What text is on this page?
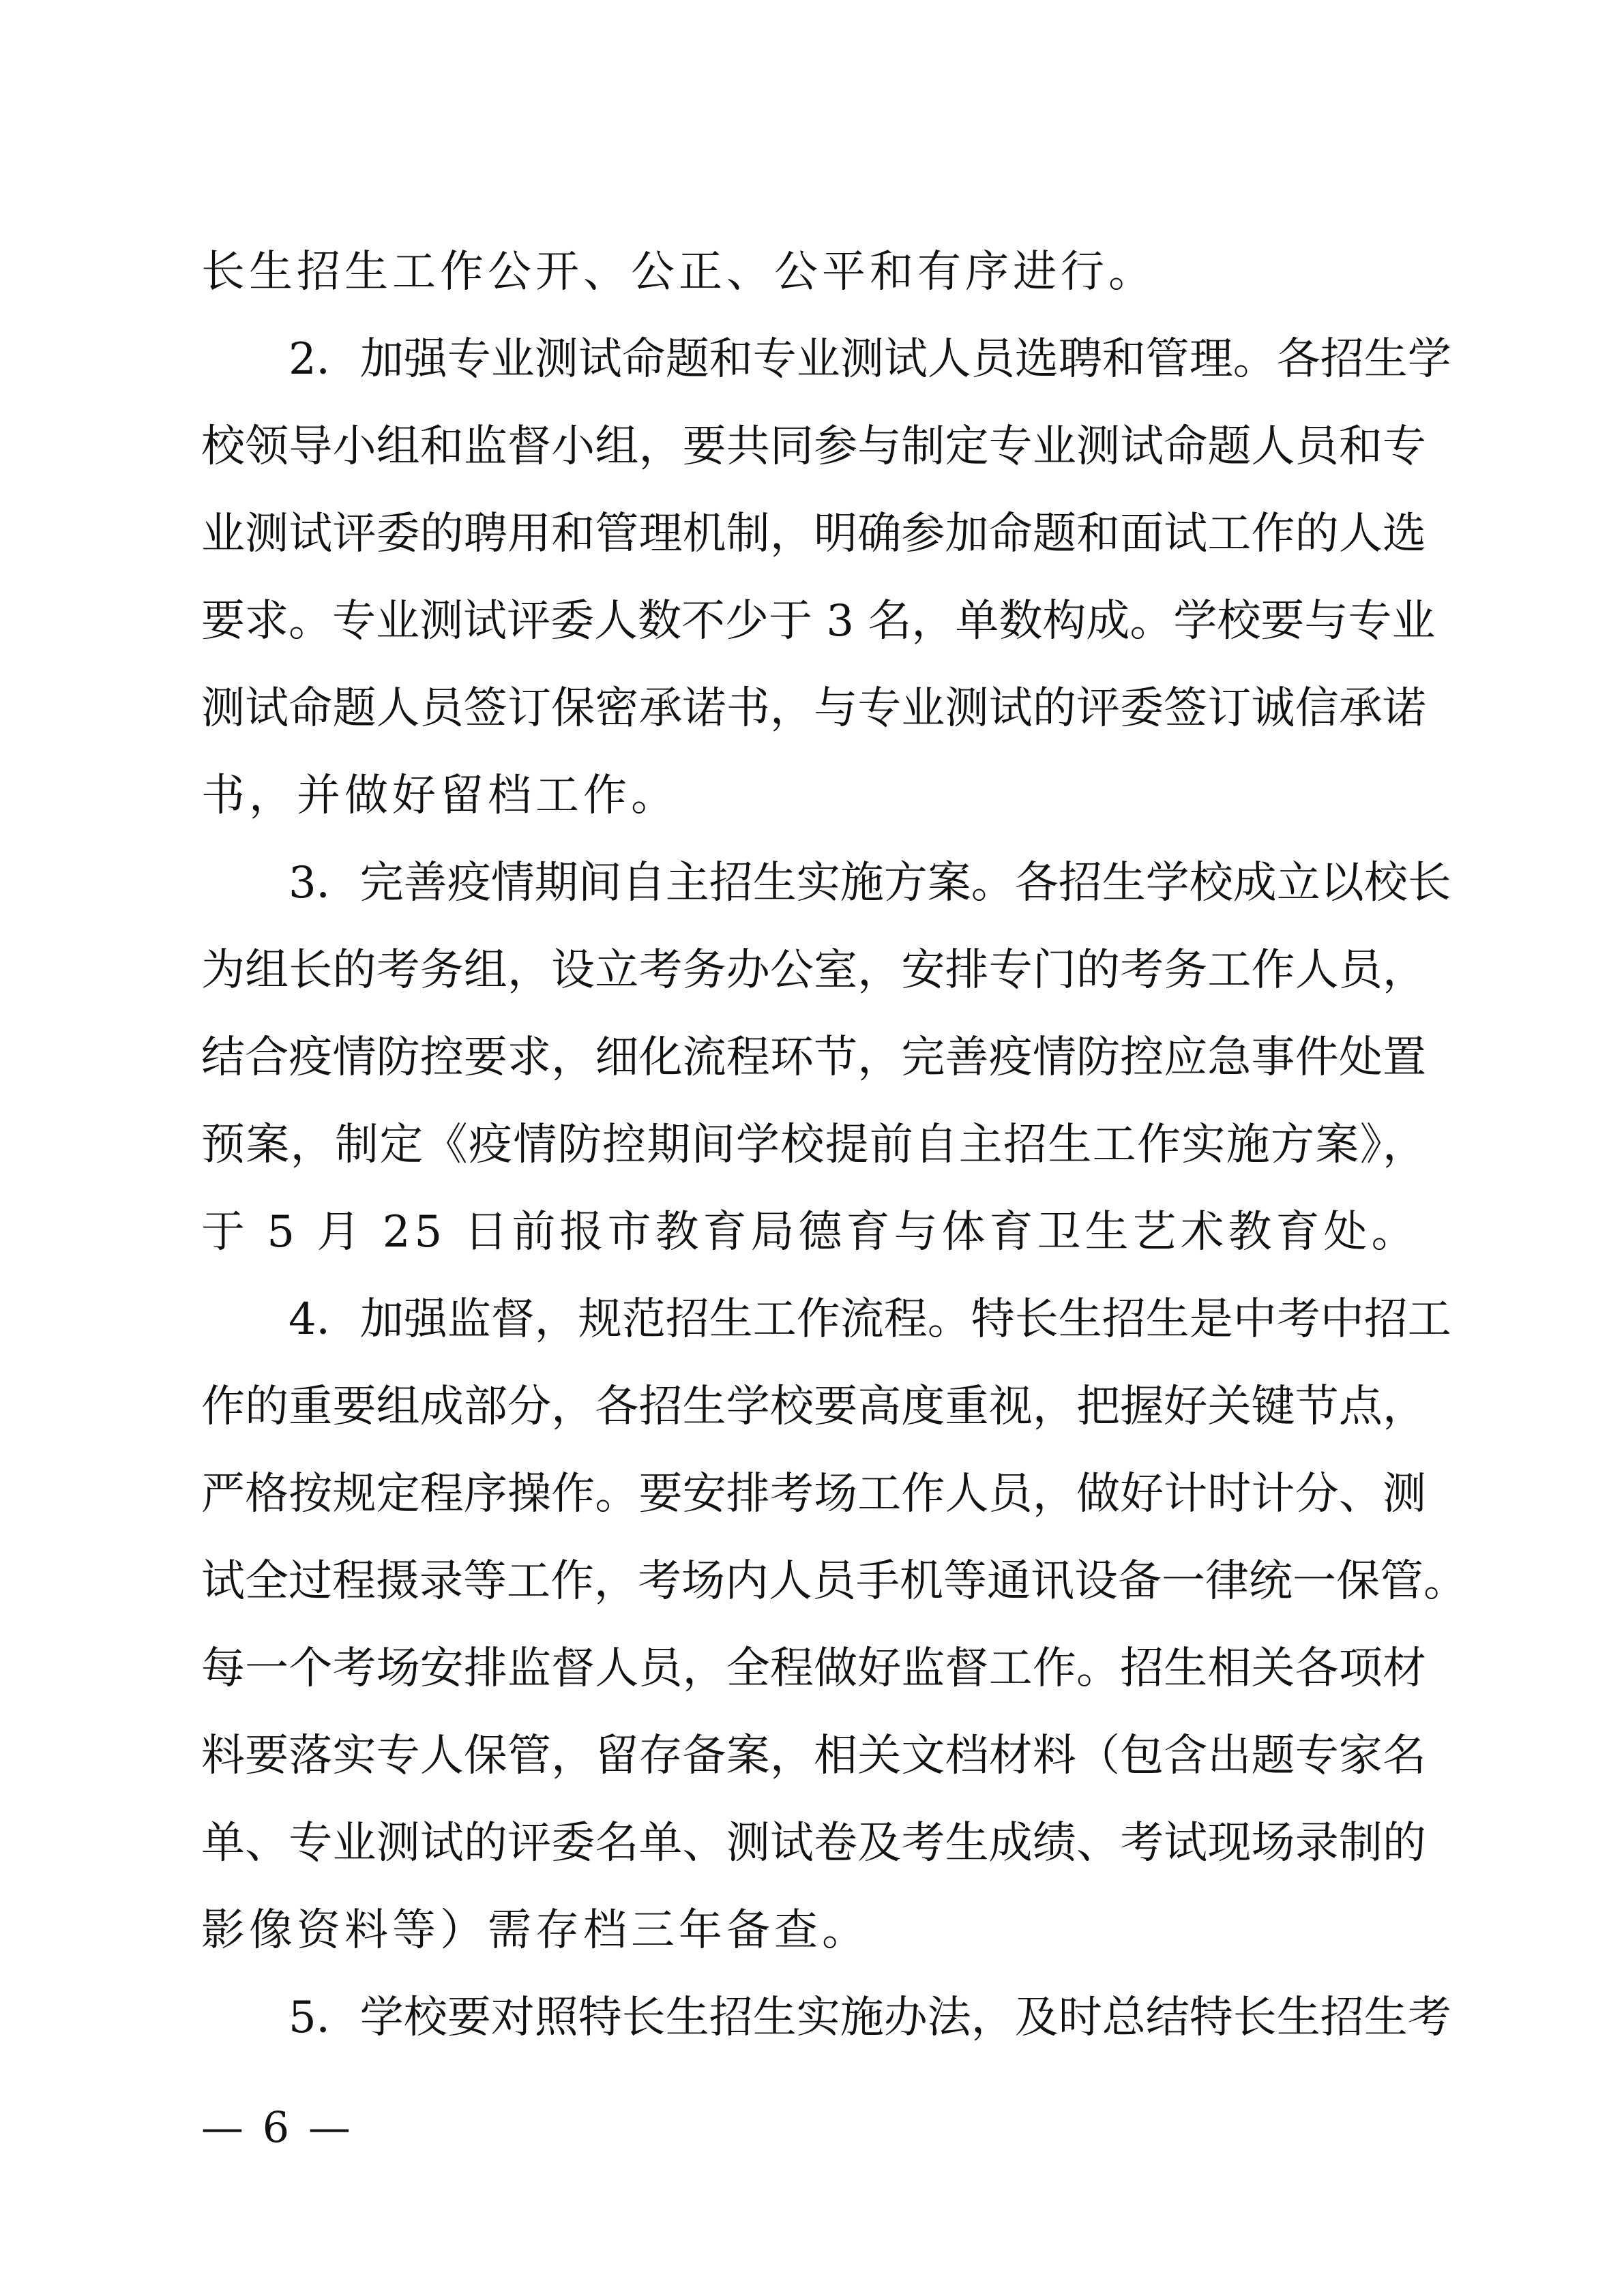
长生招生工作公开、公正、公平和有序进行。
2．加强专业测试命题和专业测试人员选聘和管理。各招生学
校领导小组和监督小组，要共同参与制定专业测试命题人员和专
业测试评委的聘用和管理机制，明确参加命题和面试工作的人选
要求。专业测试评委人数不少于 3 名，单数构成。学校要与专业
测试命题人员签订保密承诺书，与专业测试的评委签订诚信承诺
书，并做好留档工作。
3．完善疫情期间自主招生实施方案。各招生学校成立以校长
为组长的考务组，设立考务办公室，安排专门的考务工作人员，
结合疫情防控要求，细化流程环节，完善疫情防控应急事件处置
预案，制定《疫情防控期间学校提前自主招生工作实施方案》，
于 5 月 25 日前报市教育局德育与体育卫生艺术教育处。
4．加强监督，规范招生工作流程。特长生招生是中考中招工
作的重要组成部分，各招生学校要高度重视，把握好关键节点，
严格按规定程序操作。要安排考场工作人员，做好计时计分、测
试全过程摄录等工作，考场内人员手机等通讯设备一律统一保管。
每一个考场安排监督人员，全程做好监督工作。招生相关各项材
料要落实专人保管，留存备案，相关文档材料（包含出题专家名
单、专业测试的评委名单、测试卷及考生成绩、考试现场录制的
影像资料等）需存档三年备查。
5．学校要对照特长生招生实施办法，及时总结特长生招生考
— 6 —
